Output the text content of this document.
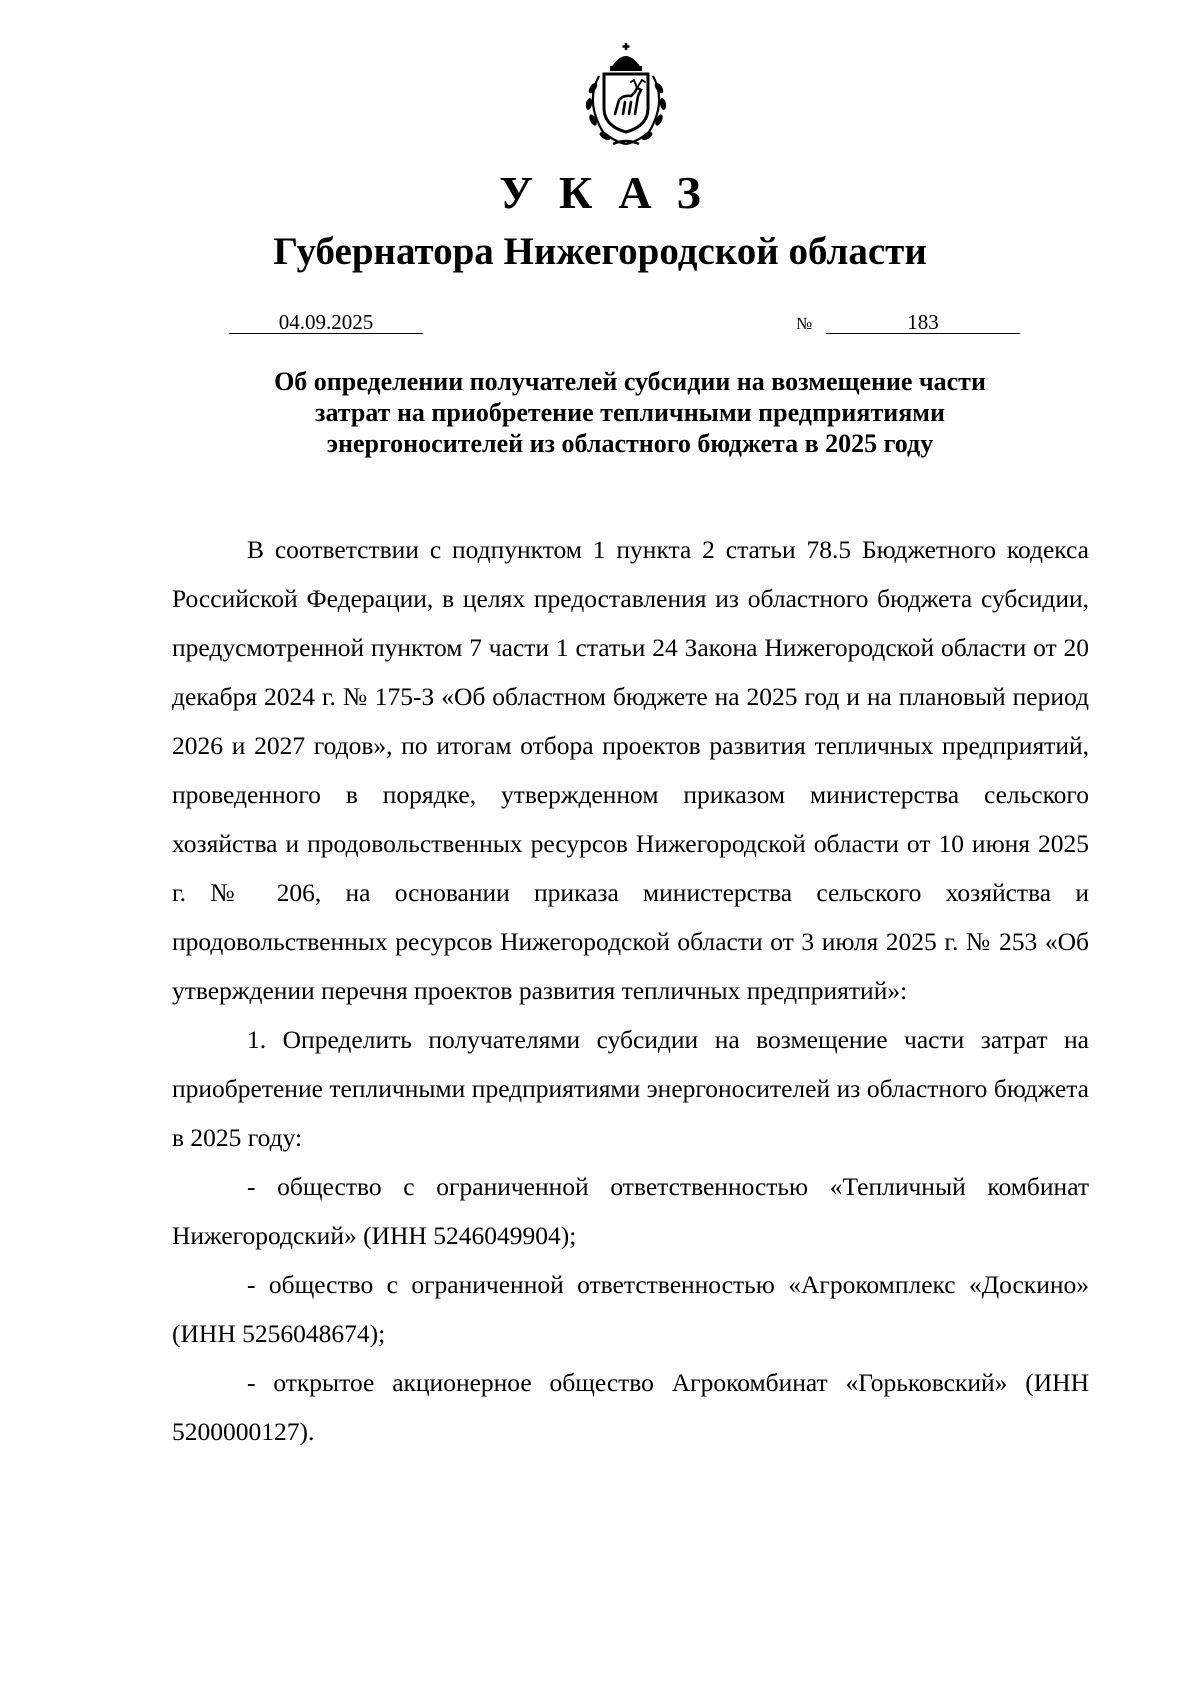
УКАЗ
Губернатора Нижегородской области
04.09.2025	№	183
Об определении получателей субсидии на возмещение части
затрат на приобретение тепличными предприятиями
энергоносителей из областного бюджета в 2025 году

В соответствии с подпунктом 1 пункта 2 статьи 78.5 Бюджетного кодекса Российской Федерации, в целях предоставления из областного бюджета субсидии, предусмотренной пунктом 7 части 1 статьи 24 Закона Нижегородской области от 20 декабря 2024 г. № 175-З «Об областном бюджете на 2025 год и на плановый период 2026 и 2027 годов», по итогам отбора проектов развития тепличных предприятий, проведенного в порядке, утвержденном приказом министерства сельского хозяйства и продовольственных ресурсов Нижегородской области от 10 июня 2025 г. № 206, на основании приказа министерства сельского хозяйства и продовольственных ресурсов Нижегородской области от 3 июля 2025 г. № 253 «Об утверждении перечня проектов развития тепличных предприятий»:

1. Определить получателями субсидии на возмещение части затрат на приобретение тепличными предприятиями энергоносителей из областного бюджета в 2025 году:

- общество с ограниченной ответственностью «Тепличный комбинат Нижегородский» (ИНН 5246049904);

- общество с ограниченной ответственностью «Агрокомплекс «Доскино» (ИНН 5256048674);

- открытое акционерное общество Агрокомбинат «Горьковский» (ИНН 5200000127).
